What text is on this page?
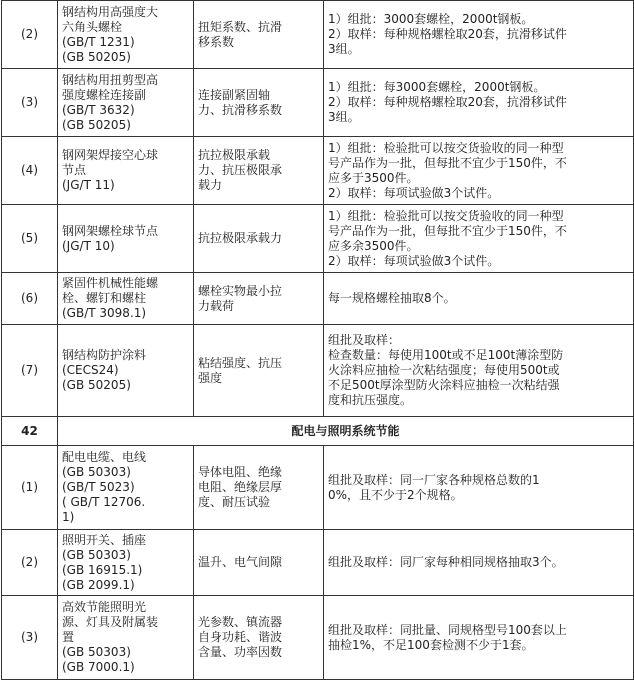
(2)	钢结构用高强度大
六角头螺栓
(GB/T 1231)
(GB 50205)	扭矩系数、抗滑
移系数	1）组批：3000套螺栓，2000t钢板。
2）取样：每种规格螺栓取20套，抗滑移试件
3组。

(3)	钢结构用扭剪型高
强度螺栓连接副
(GB/T 3632)
(GB 50205)	连接副紧固轴
力、抗滑移系数	1）组批：每3000套螺栓，2000t钢板。
2）取样：每种规格螺栓取20套，抗滑移试件
3组。

(4)	钢网架焊接空心球
节点
(JG/T 11)	抗拉极限承载
力、抗压极限承
载力	1）组批：检验批可以按交货验收的同一种型
号产品作为一批，但每批不宜少于150件，不
应多于3500件。
2）取样：每项试验做3个试件。

(5)	钢网架螺栓球节点
(JG/T 10)	抗拉极限承载力	1）组批：检验批可以按交货验收的同一种型
号产品作为一批，但每批不宜少于150件，不
应多余3500件。
2）取样：每项试验做3个试件。

(6)	紧固件机械性能螺
栓、螺钉和螺柱
(GB/T 3098.1)	螺栓实物最小拉
力载荷	每一规格螺栓抽取8个。

(7)	钢结构防护涂料
(CECS24)
(GB 50205)	粘结强度、抗压
强度	组批及取样：
检查数量：每使用100t或不足100t薄涂型防
火涂料应抽检一次粘结强度；每使用500t或
不足500t厚涂型防火涂料应抽检一次粘结强
度和抗压强度。

42	配电与照明系统节能		
(1)	配电电缆、电线
(GB 50303)
(GB/T 5023)
( GB/T 12706.
1)	导体电阻、绝缘
电阻、绝缘层厚
度、耐压试验	组批及取样：同一厂家各种规格总数的1
0%，且不少于2个规格。

(2)	照明开关、插座
(GB 50303)
(GB 16915.1)
(GB 2099.1)	温升、电气间隙	组批及取样：同厂家每种相同规格抽取3个。

(3)	高效节能照明光
源、灯具及附属装
置
(GB 50303)
(GB 7000.1)	光参数、镇流器
自身功耗、谐波
含量、功率因数	组批及取样：同批量、同规格型号100套以上
抽检1%，不足100套检测不少于1套。
